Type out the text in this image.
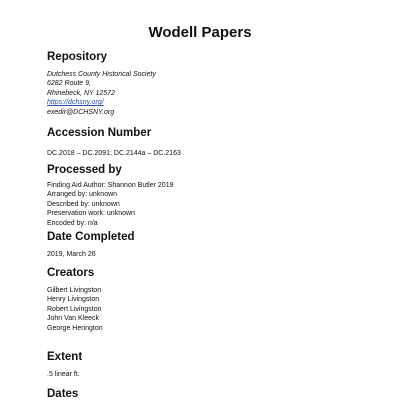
Wodell Papers
Repository
Dutchess County Historical Society
6282 Route 9,
Rhinebeck, NY 12572
https://dchsny.org/
exedir@DCHSNY.org
Accession Number
DC.2018 – DC.2091; DC.2144a – DC.2163
Processed by
Finding Aid Author: Shannon Butler 2019
Arranged by: unknown
Described by: unknown
Preservation work: unknown
Encoded by: n/a
Date Completed
2019, March 26
Creators
Gilbert Livingston
Henry Livingston
Robert Livingston
John Van Kleeck
George Herington
Extent
.5 linear ft.
Dates
